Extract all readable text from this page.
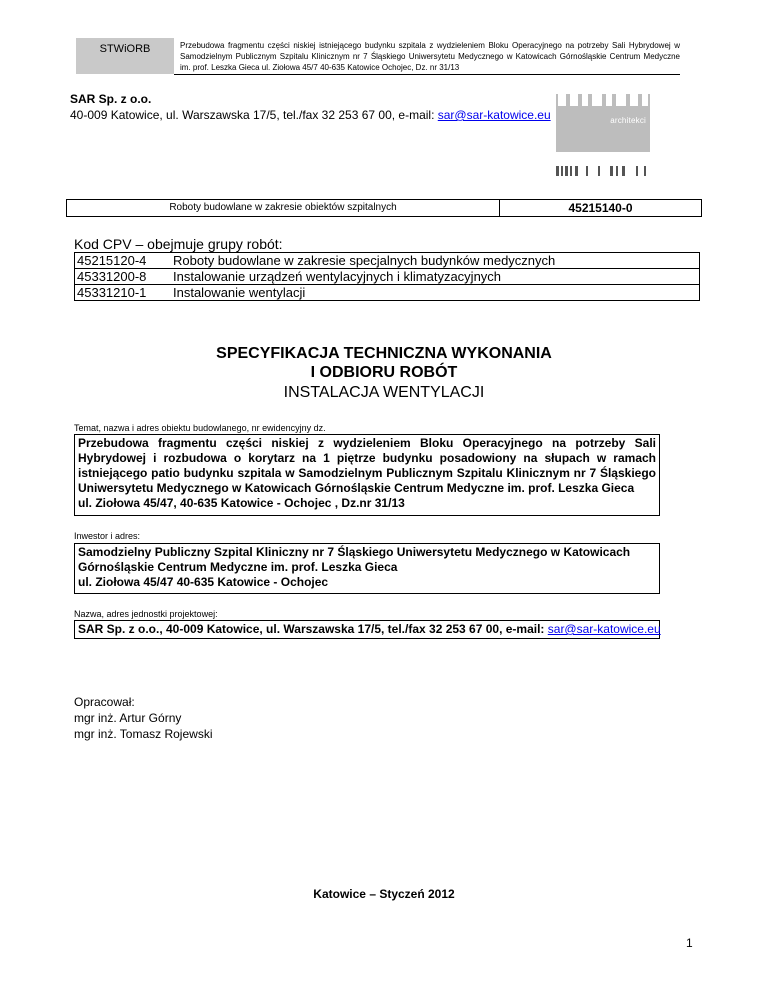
STWiORB	Przebudowa fragmentu części niskiej istniejącego budynku szpitala z wydzieleniem Bloku Operacyjnego na potrzeby Sali Hybrydowej w Samodzielnym Publicznym Szpitalu Klinicznym nr 7 Śląskiego Uniwersytetu Medycznego w Katowicach Górnośląskie Centrum Medyczne im. prof. Leszka Gieca ul. Ziołowa 45/7 40-635 Katowice Ochojec, Dz. nr 31/13
SAR Sp. z o.o.
40-009 Katowice, ul. Warszawska 17/5, tel./fax 32 253 67 00, e-mail: sar@sar-katowice.eu	architekci
Roboty budowlane w zakresie obiektów szpitalnych	45215140-0
Kod CPV – obejmuje grupy robót:
45215120-4	Roboty budowlane w zakresie specjalnych budynków medycznych
45331200-8	Instalowanie urządzeń wentylacyjnych i klimatyzacyjnych
45331210-1	Instalowanie wentylacji
SPECYFIKACJA TECHNICZNA WYKONANIA
I ODBIORU ROBÓT
INSTALACJA WENTYLACJI
Temat, nazwa i adres obiektu budowlanego, nr ewidencyjny dz.
Przebudowa fragmentu części niskiej z wydzieleniem Bloku Operacyjnego na potrzeby Sali Hybrydowej i rozbudowa o korytarz na 1 piętrze budynku posadowiony na słupach w ramach istniejącego patio budynku szpitala w Samodzielnym Publicznym Szpitalu Klinicznym nr 7 Śląskiego Uniwersytetu Medycznego w Katowicach Górnośląskie Centrum Medyczne im. prof. Leszka Gieca
ul. Ziołowa 45/47, 40-635 Katowice - Ochojec , Dz.nr 31/13
Inwestor i adres:
Samodzielny Publiczny Szpital Kliniczny nr 7 Śląskiego Uniwersytetu Medycznego w Katowicach
Górnośląskie Centrum Medyczne im. prof. Leszka Gieca
ul. Ziołowa 45/47 40-635 Katowice - Ochojec
Nazwa, adres jednostki projektowej:
SAR Sp. z o.o., 40-009 Katowice, ul. Warszawska 17/5, tel./fax 32 253 67 00, e-mail: sar@sar-katowice.eu
Opracował:
mgr inż. Artur Górny
mgr inż. Tomasz Rojewski
Katowice – Styczeń 2012
1
